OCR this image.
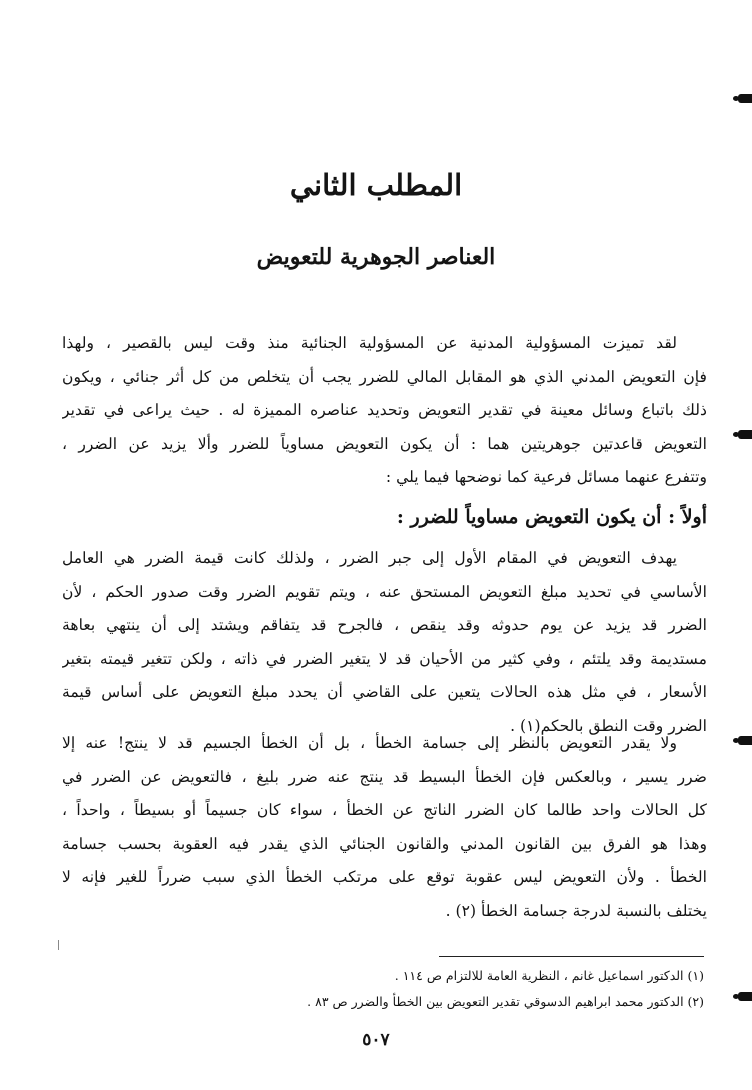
المطلب الثاني
العناصر الجوهرية للتعويض
لقد تميزت المسؤولية المدنية عن المسؤولية الجنائية منذ وقت ليس بالقصير ، ولهذا
فإن التعويض المدني الذي هو المقابل المالي للضرر يجب أن يتخلص من كل أثر جنائي ، ويكون
ذلك باتباع وسائل معينة في تقدير التعويض وتحديد عناصره المميزة له . حيث يراعى في تقدير
التعويض قاعدتين جوهريتين هما : أن يكون التعويض مساوياً للضرر وألا يزيد عن الضرر ،
وتتفرع عنهما مسائل فرعية كما نوضحها فيما يلي :
أولاً : أن يكون التعويض مساوياً للضرر :
يهدف التعويض في المقام الأول إلى جبر الضرر ، ولذلك كانت قيمة الضرر هي العامل
الأساسي في تحديد مبلغ التعويض المستحق عنه ، ويتم تقويم الضرر وقت صدور الحكم ، لأن
الضرر قد يزيد عن يوم حدوثه وقد ينقص ، فالجرح قد يتفاقم ويشتد إلى أن ينتهي بعاهة
مستديمة وقد يلتئم ، وفي كثير من الأحيان قد لا يتغير الضرر في ذاته ، ولكن تتغير قيمته بتغير
الأسعار ، في مثل هذه الحالات يتعين على القاضي أن يحدد مبلغ التعويض على أساس قيمة
الضرر وقت النطق بالحكم(١) .
ولا يقدر التعويض بالنظر إلى جسامة الخطأ ، بل أن الخطأ الجسيم قد لا ينتج! عنه إلا
ضرر يسير ، وبالعكس فإن الخطأ البسيط قد ينتج عنه ضرر بليغ ، فالتعويض عن الضرر في
كل الحالات واحد طالما كان الضرر الناتج عن الخطأ ، سواء كان جسيماً أو بسيطاً ، واحداً ،
وهذا هو الفرق بين القانون المدني والقانون الجنائي الذي يقدر فيه العقوبة بحسب جسامة
الخطأ . ولأن التعويض ليس عقوبة توقع على مرتكب الخطأ الذي سبب ضرراً للغير فإنه لا
يختلف بالنسبة لدرجة جسامة الخطأ (٢) .
(١) الدكتور اسماعيل غانم ، النظرية العامة للالتزام ص ١١٤ .
(٢) الدكتور محمد ابراهيم الدسوقي تقدير التعويض بين الخطأ والضرر ص ٨٣ .
٥٠٧
